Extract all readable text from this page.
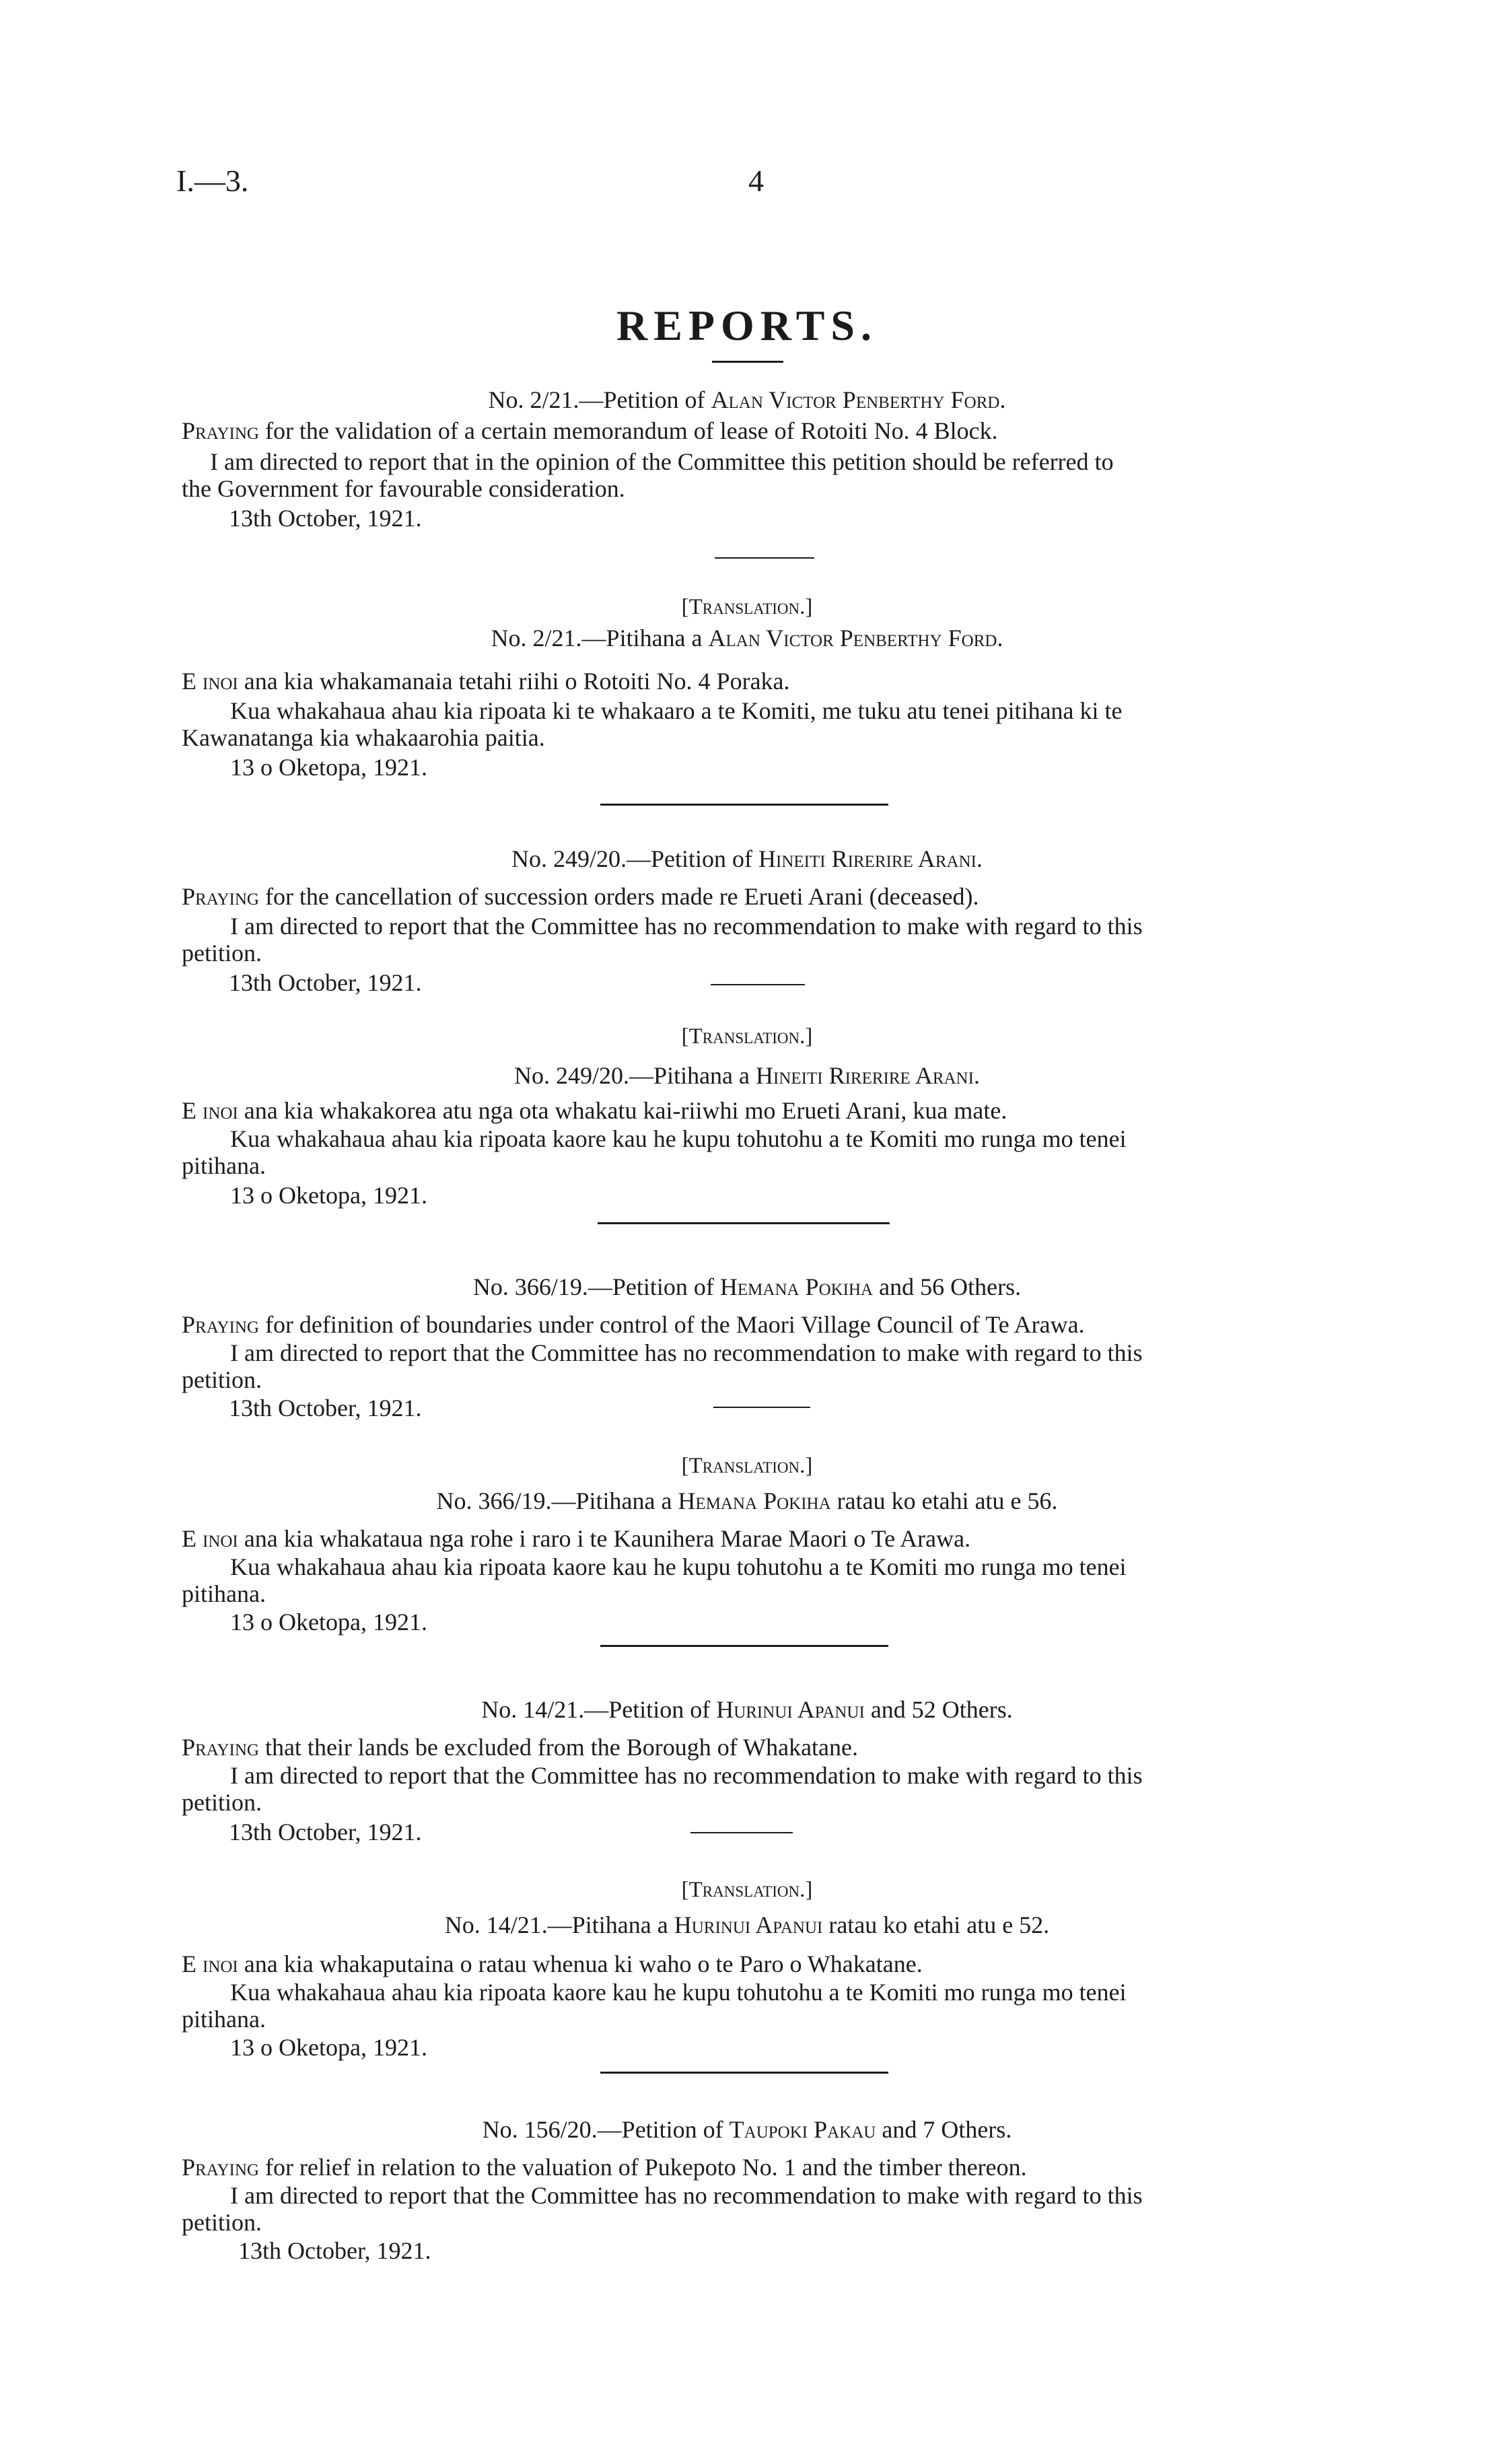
I.—3.	4
REPORTS.
No. 2/21.—Petition of Alan Victor Penberthy Ford.
Praying for the validation of a certain memorandum of lease of Rotoiti No. 4 Block.
I am directed to report that in the opinion of the Committee this petition should be referred to
the Government for favourable consideration.
13th October, 1921.
[Translation.]
No. 2/21.—Pitihana a Alan Victor Penberthy Ford.
E inoi ana kia whakamanaia tetahi riihi o Rotoiti No. 4 Poraka.
Kua whakahaua ahau kia ripoata ki te whakaaro a te Komiti, me tuku atu tenei pitihana ki te
Kawanatanga kia whakaarohia paitia.
13 o Oketopa, 1921.
No. 249/20.—Petition of Hineiti Rirerire Arani.
Praying for the cancellation of succession orders made re Erueti Arani (deceased).
I am directed to report that the Committee has no recommendation to make with regard to this
petition.
13th October, 1921.
[Translation.]
No. 249/20.—Pitihana a Hineiti Rirerire Arani.
E inoi ana kia whakakorea atu nga ota whakatu kai-riiwhi mo Erueti Arani, kua mate.
Kua whakahaua ahau kia ripoata kaore kau he kupu tohutohu a te Komiti mo runga mo tenei
pitihana.
13 o Oketopa, 1921.
No. 366/19.—Petition of Hemana Pokiha and 56 Others.
Praying for definition of boundaries under control of the Maori Village Council of Te Arawa.
I am directed to report that the Committee has no recommendation to make with regard to this
petition.
13th October, 1921.
[Translation.]
No. 366/19.—Pitihana a Hemana Pokiha ratau ko etahi atu e 56.
E inoi ana kia whakataua nga rohe i raro i te Kaunihera Marae Maori o Te Arawa.
Kua whakahaua ahau kia ripoata kaore kau he kupu tohutohu a te Komiti mo runga mo tenei
pitihana.
13 o Oketopa, 1921.
No. 14/21.—Petition of Hurinui Apanui and 52 Others.
Praying that their lands be excluded from the Borough of Whakatane.
I am directed to report that the Committee has no recommendation to make with regard to this
petition.
13th October, 1921.
[Translation.]
No. 14/21.—Pitihana a Hurinui Apanui ratau ko etahi atu e 52.
E inoi ana kia whakaputaina o ratau whenua ki waho o te Paro o Whakatane.
Kua whakahaua ahau kia ripoata kaore kau he kupu tohutohu a te Komiti mo runga mo tenei
pitihana.
13 o Oketopa, 1921.
No. 156/20.—Petition of Taupoki Pakau and 7 Others.
Praying for relief in relation to the valuation of Pukepoto No. 1 and the timber thereon.
I am directed to report that the Committee has no recommendation to make with regard to this
petition.
13th October, 1921.
